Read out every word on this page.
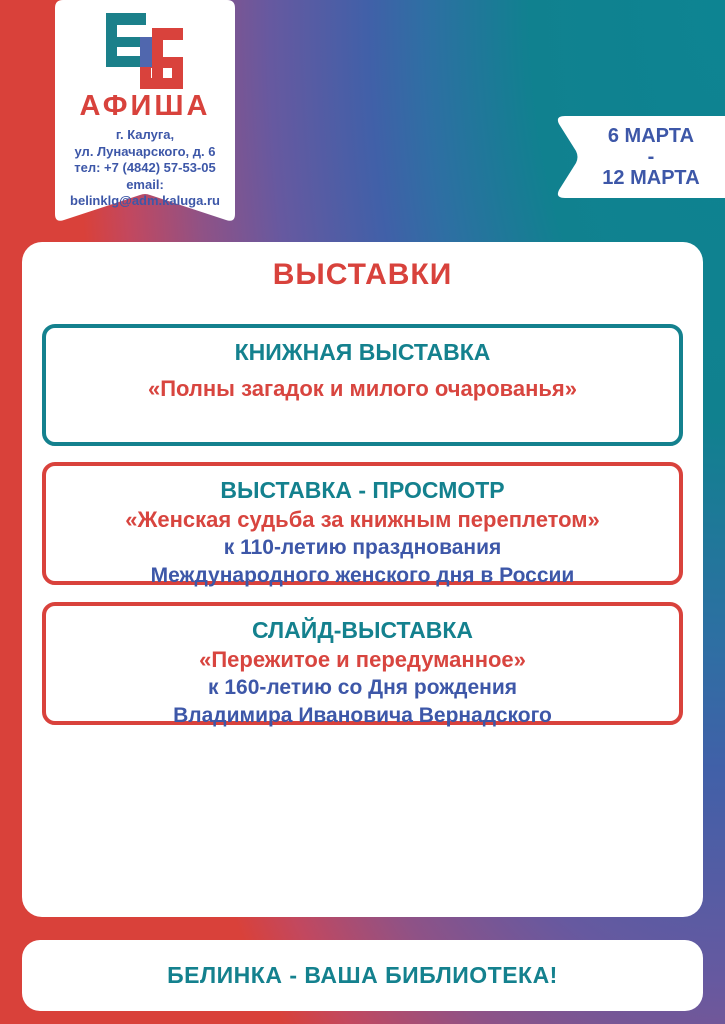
АФИША
г. Калуга,
ул. Луначарского, д. 6
тел: +7 (4842) 57-53-05
email: belinklg@adm.kaluga.ru
6 МАРТА
-
12 МАРТА
ВЫСТАВКИ

КНИЖНАЯ ВЫСТАВКА

«Полны загадок и милого очарованья»

ВЫСТАВКА - ПРОСМОТР

«Женская судьба за книжным переплетом»

к 110-летию празднования

Международного женского дня в России

СЛАЙД-ВЫСТАВКА

«Пережитое и передуманное»

к 160-летию со Дня рождения

Владимира Ивановича Вернадского

БЕЛИНКА - ВАША БИБЛИОТЕКА!
